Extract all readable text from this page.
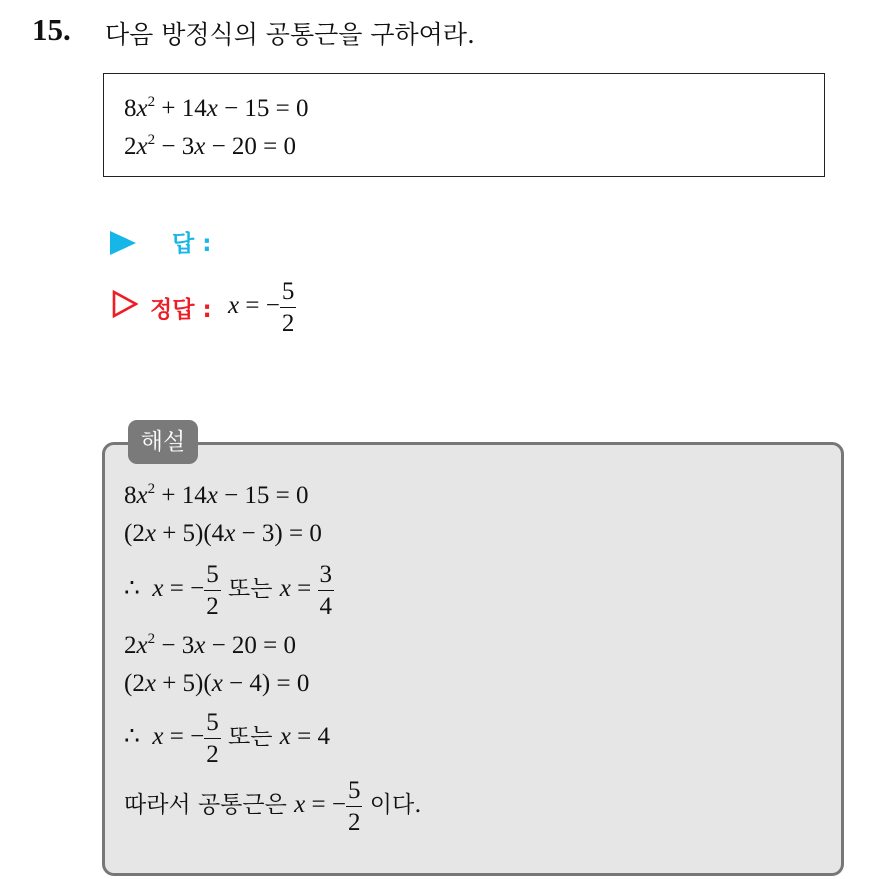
15. 다음 방정식의 공통근을 구하여라.
$8x^2 + 14x - 15 = 0$
$2x^2 - 3x - 20 = 0$
답 :
정답 : x = − $\frac{5}{2}$
해설
$8x^2 + 14x - 15 = 0$
(2x + 5)(4x − 3) = 0
∴ x = − $\frac{5}{2}$ 또는 $x = \frac{3}{4}$
$2x^2 - 3x - 20 = 0$
(2x + 5)(x − 4) = 0
∴ x = − $\frac{5}{2}$ 또는 x = 4
따라서 공통근은 x = − $\frac{5}{2}$ 이다.
